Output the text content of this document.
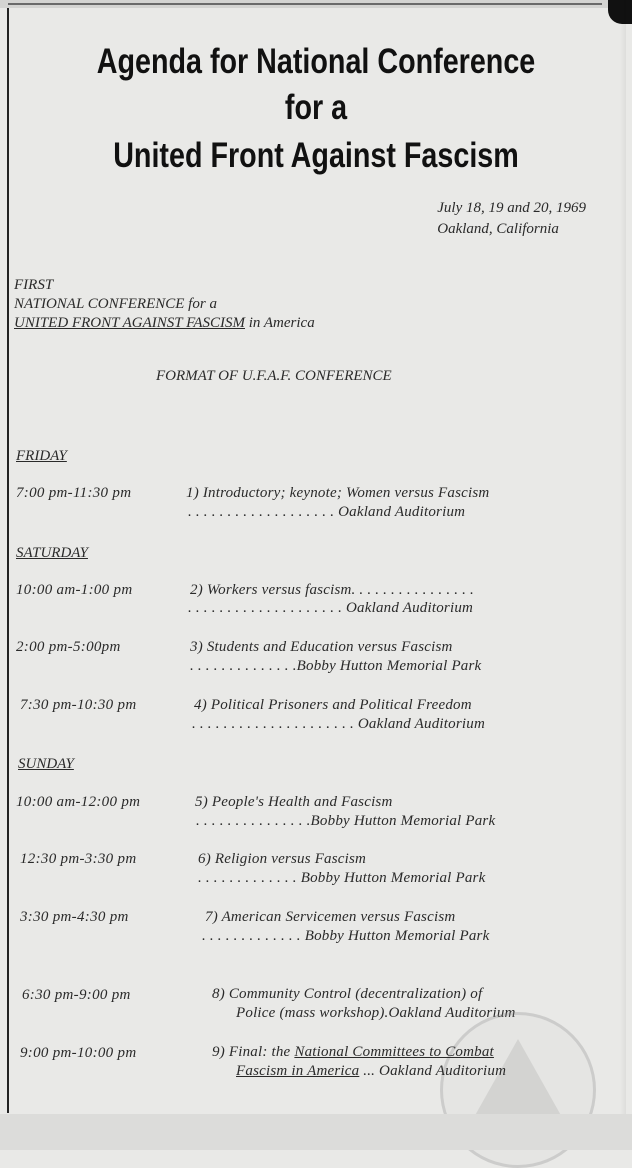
Agenda for National Conference
for a
United Front Against Fascism
July 18, 19 and 20, 1969
Oakland, California
FIRST
NATIONAL CONFERENCE for a
UNITED FRONT AGAINST FASCISM in America
FORMAT OF U.F.A.F. CONFERENCE
FRIDAY
7:00 pm-11:30 pm	1) Introductory; keynote; Women versus Fascism
. . . . . . . . . . . . . . . . . . . Oakland Auditorium
SATURDAY
10:00 am-1:00 pm	2) Workers versus fascism. . . . . . . . . . . . . . . .
. . . . . . . . . . . . . . . . . . . . Oakland Auditorium
2:00 pm-5:00pm	3) Students and Education versus Fascism
. . . . . . . . . . . . . .Bobby Hutton Memorial Park
7:30 pm-10:30 pm	4) Political Prisoners and Political Freedom
. . . . . . . . . . . . . . . . . . . . . Oakland Auditorium
SUNDAY
10:00 am-12:00 pm	5) People's Health and Fascism
. . . . . . . . . . . . . . .Bobby Hutton Memorial Park
12:30 pm-3:30 pm	6) Religion versus Fascism
. . . . . . . . . . . . . Bobby Hutton Memorial Park
3:30 pm-4:30 pm	7) American Servicemen versus Fascism
. . . . . . . . . . . . . Bobby Hutton Memorial Park
6:30 pm-9:00 pm	8) Community Control (decentralization) of
Police (mass workshop).Oakland Auditorium
9:00 pm-10:00 pm	9) Final: the National Committees to Combat
Fascism in America ... Oakland Auditorium
